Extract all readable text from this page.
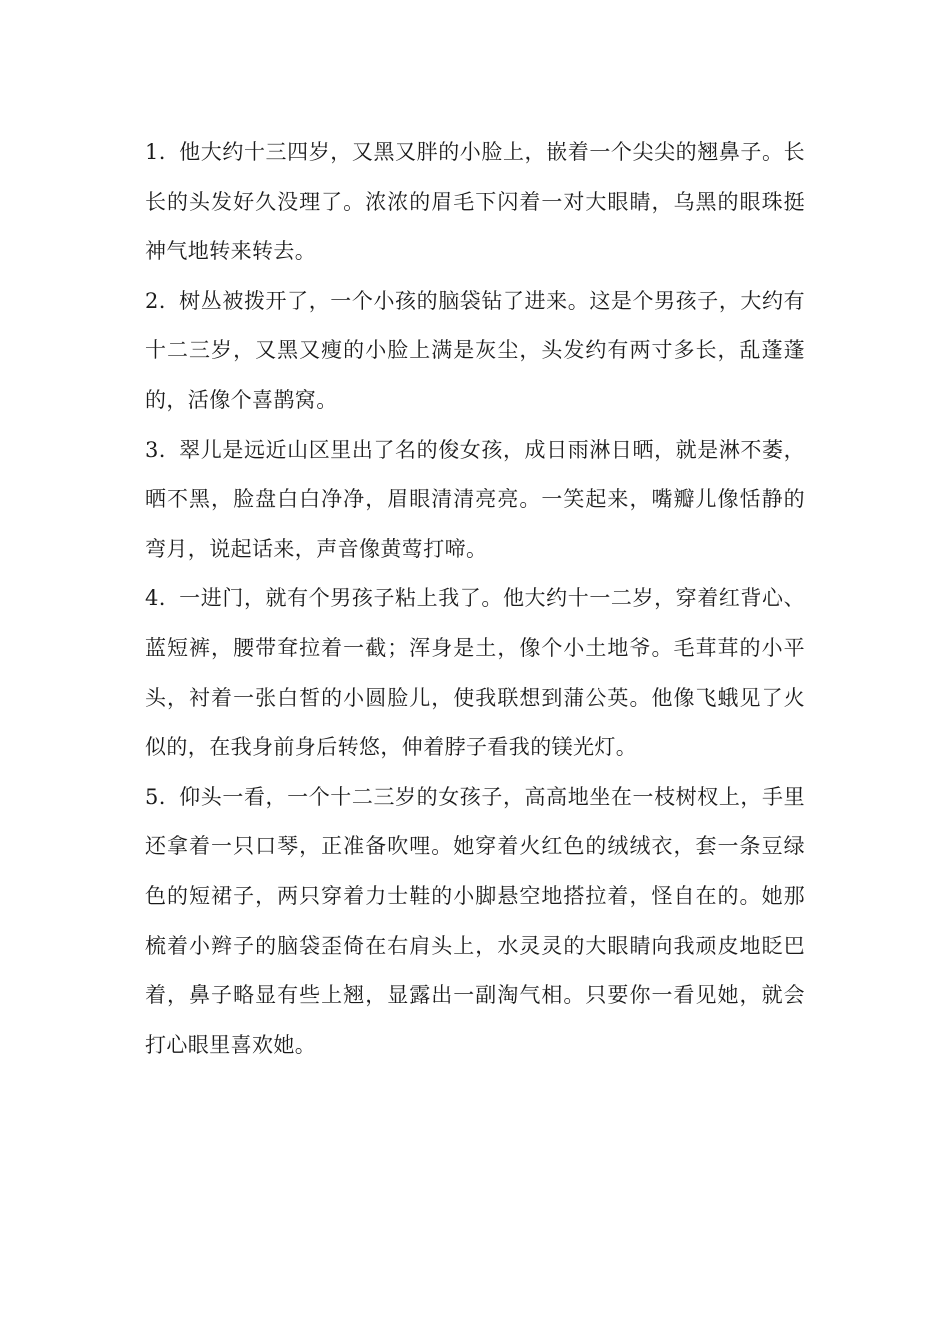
1. 他大约十三四岁，又黑又胖的小脸上，嵌着一个尖尖的翘鼻子。长长的头发好久没理了。浓浓的眉毛下闪着一对大眼睛，乌黑的眼珠挺神气地转来转去。

2. 树丛被拨开了，一个小孩的脑袋钻了进来。这是个男孩子，大约有十二三岁，又黑又瘦的小脸上满是灰尘，头发约有两寸多长，乱蓬蓬的，活像个喜鹊窝。

3. 翠儿是远近山区里出了名的俊女孩，成日雨淋日晒，就是淋不萎，晒不黑，脸盘白白净净，眉眼清清亮亮。一笑起来，嘴瓣儿像恬静的弯月，说起话来，声音像黄莺打啼。

4. 一进门，就有个男孩子粘上我了。他大约十一二岁，穿着红背心、蓝短裤，腰带耷拉着一截；浑身是土，像个小土地爷。毛茸茸的小平头，衬着一张白皙的小圆脸儿，使我联想到蒲公英。他像飞蛾见了火似的，在我身前身后转悠，伸着脖子看我的镁光灯。

5. 仰头一看，一个十二三岁的女孩子，高高地坐在一枝树杈上，手里还拿着一只口琴，正准备吹哩。她穿着火红色的绒绒衣，套一条豆绿色的短裙子，两只穿着力士鞋的小脚悬空地搭拉着，怪自在的。她那梳着小辫子的脑袋歪倚在右肩头上，水灵灵的大眼睛向我顽皮地眨巴着，鼻子略显有些上翘，显露出一副淘气相。只要你一看见她，就会打心眼里喜欢她。
